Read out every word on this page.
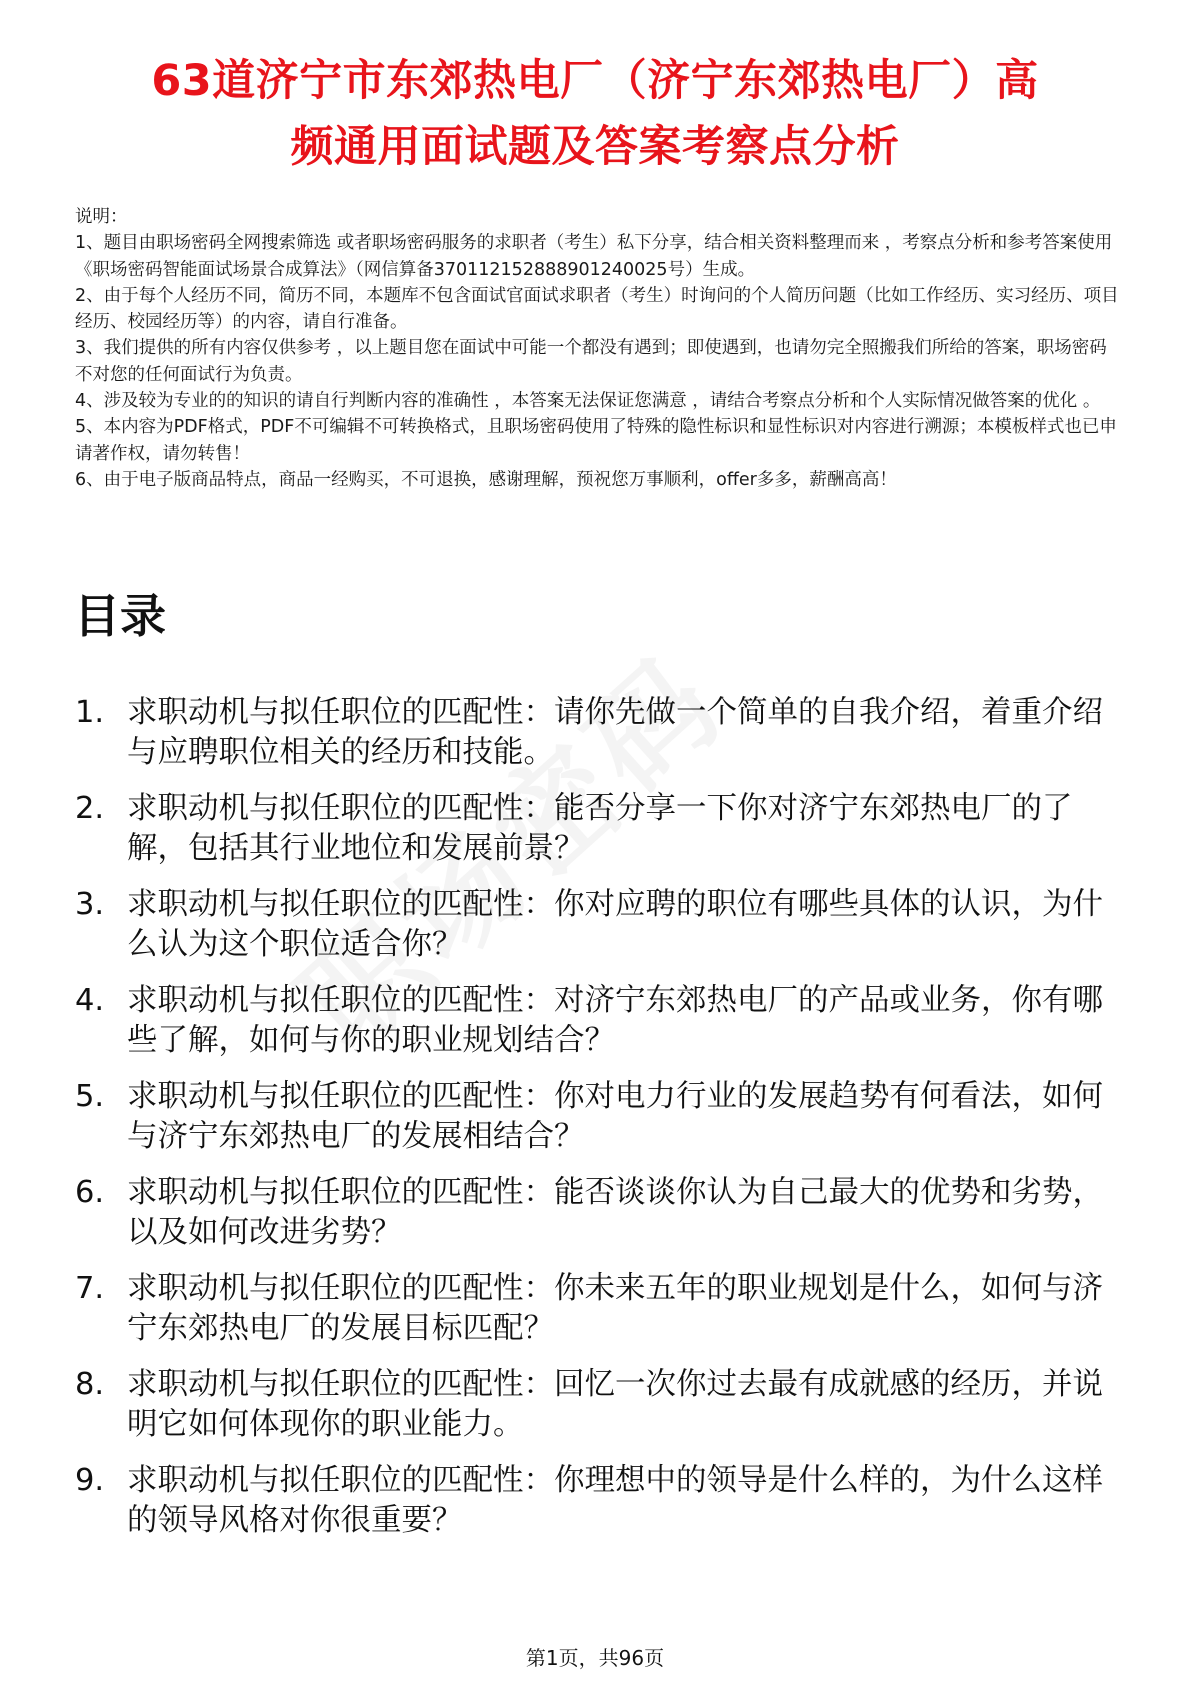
63道济宁市东郊热电厂（济宁东郊热电厂）高
频通用面试题及答案考察点分析

说明：

1、题目由职场密码全网搜索筛选 或者职场密码服务的求职者（考生）私下分享，结合相关资料整理而来 ，考察点分析和参考答案使用《职场密码智能面试场景合成算法》（网信算备370112152888901240025号）生成。

2、由于每个人经历不同，简历不同，本题库不包含面试官面试求职者（考生）时询问的个人简历问题（比如工作经历、实习经历、项目经历、校园经历等）的内容，请自行准备。

3、我们提供的所有内容仅供参考 ，以上题目您在面试中可能一个都没有遇到；即使遇到，也请勿完全照搬我们所给的答案，职场密码不对您的任何面试行为负责。

4、涉及较为专业的的知识的请自行判断内容的准确性 ，本答案无法保证您满意 ，请结合考察点分析和个人实际情况做答案的优化 。

5、本内容为PDF格式，PDF不可编辑不可转换格式，且职场密码使用了特殊的隐性标识和显性标识对内容进行溯源；本模板样式也已申请著作权，请勿转售！

6、由于电子版商品特点，商品一经购买，不可退换，感谢理解，预祝您万事顺利，offer多多，薪酬高高！

目录
1. 求职动机与拟任职位的匹配性：请你先做一个简单的自我介绍，着重介绍与应聘职位相关的经历和技能。
2. 求职动机与拟任职位的匹配性：能否分享一下你对济宁东郊热电厂的了解，包括其行业地位和发展前景？
3. 求职动机与拟任职位的匹配性：你对应聘的职位有哪些具体的认识，为什么认为这个职位适合你？
4. 求职动机与拟任职位的匹配性：对济宁东郊热电厂的产品或业务，你有哪些了解，如何与你的职业规划结合？
5. 求职动机与拟任职位的匹配性：你对电力行业的发展趋势有何看法，如何与济宁东郊热电厂的发展相结合？
6. 求职动机与拟任职位的匹配性：能否谈谈你认为自己最大的优势和劣势，以及如何改进劣势？
7. 求职动机与拟任职位的匹配性：你未来五年的职业规划是什么，如何与济宁东郊热电厂的发展目标匹配？
8. 求职动机与拟任职位的匹配性：回忆一次你过去最有成就感的经历，并说明它如何体现你的职业能力。
9. 求职动机与拟任职位的匹配性：你理想中的领导是什么样的，为什么这样的领导风格对你很重要？
第1页，共96页
